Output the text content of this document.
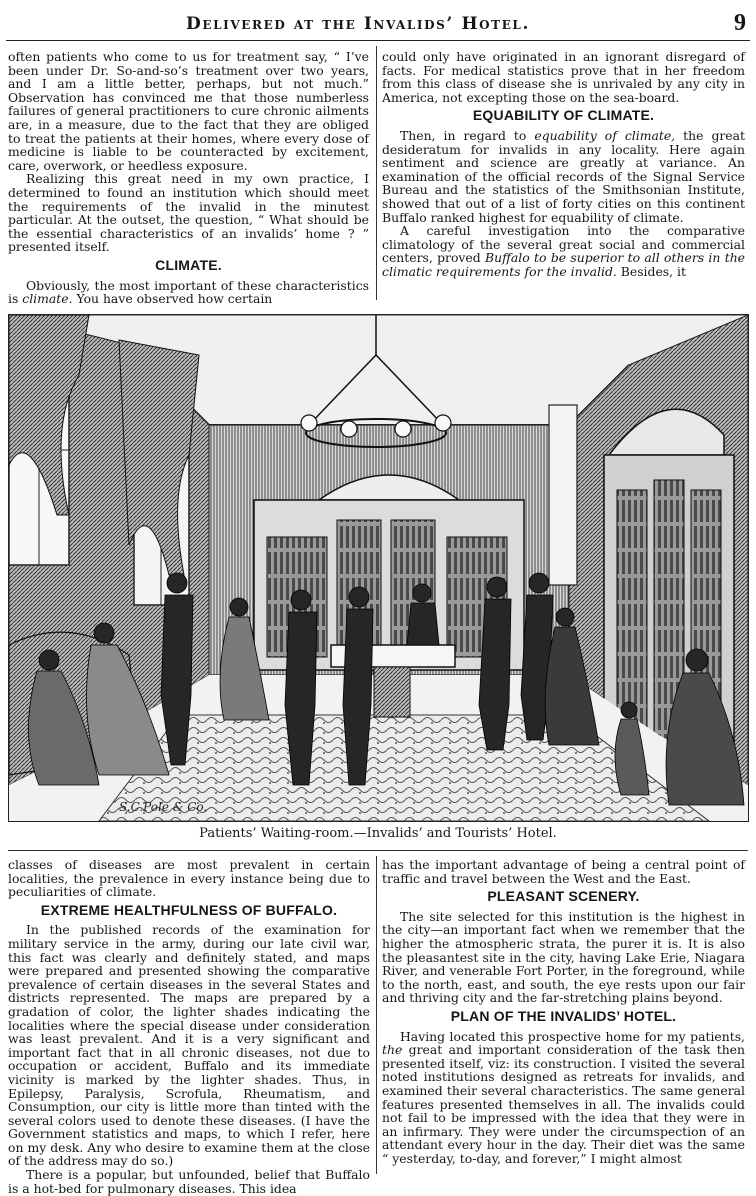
Delivered at the Invalids’ Hotel.	9

often patients who come to us for treatment say, “ I’ve been under Dr. So-and-so’s treatment over two years, and I am a little better, perhaps, but not much.” Observation has convinced me that those numberless failures of general practitioners to cure chronic ailments are, in a measure, due to the fact that they are obliged to treat the patients at their homes, where every dose of medicine is liable to be counteracted by excitement, care, overwork, or heedless exposure.

Realizing this great need in my own practice, I determined to found an institution which should meet the requirements of the invalid in the minutest particular. At the outset, the question, “ What should be the essential characteristics of an invalids’ home ? ” presented itself.

CLIMATE.

Obviously, the most important of these characteristics is climate. You have observed how certain

could only have originated in an ignorant disregard of facts. For medical statistics prove that in her freedom from this class of disease she is unrivaled by any city in America, not excepting those on the sea-board.

EQUABILITY OF CLIMATE.

Then, in regard to equability of climate, the great desideratum for invalids in any locality. Here again sentiment and science are greatly at variance. An examination of the official records of the Signal Service Bureau and the statistics of the Smithsonian Institute, showed that out of a list of forty cities on this continent Buffalo ranked highest for equability of climate.

A careful investigation into the comparative climatology of the several great social and commercial centers, proved Buffalo to be superior to all others in the climatic requirements for the invalid. Besides, it

S.C.Pole & Co.
Patients’ Waiting-room.—Invalids’ and Tourists’ Hotel.

classes of diseases are most prevalent in certain localities, the prevalence in every instance being due to peculiarities of climate.

EXTREME HEALTHFULNESS OF BUFFALO.

In the published records of the examination for military service in the army, during our late civil war, this fact was clearly and definitely stated, and maps were prepared and presented showing the comparative prevalence of certain diseases in the several States and districts represented. The maps are prepared by a gradation of color, the lighter shades indicating the localities where the special disease under consideration was least prevalent. And it is a very significant and important fact that in all chronic diseases, not due to occupation or accident, Buffalo and its immediate vicinity is marked by the lighter shades. Thus, in Epilepsy, Paralysis, Scrofula, Rheumatism, and Consumption, our city is little more than tinted with the several colors used to denote these diseases. (I have the Government statistics and maps, to which I refer, here on my desk. Any who desire to examine them at the close of the address may do so.)

There is a popular, but unfounded, belief that Buffalo is a hot-bed for pulmonary diseases. This idea

has the important advantage of being a central point of traffic and travel between the West and the East.

PLEASANT SCENERY.

The site selected for this institution is the highest in the city—an important fact when we remember that the higher the atmospheric strata, the purer it is. It is also the pleasantest site in the city, having Lake Erie, Niagara River, and venerable Fort Porter, in the foreground, while to the north, east, and south, the eye rests upon our fair and thriving city and the far-stretching plains beyond.

PLAN OF THE INVALIDS’ HOTEL.

Having located this prospective home for my patients, the great and important consideration of the task then presented itself, viz: its construction. I visited the several noted institutions designed as retreats for invalids, and examined their several characteristics. The same general features presented themselves in all. The invalids could not fail to be impressed with the idea that they were in an infirmary. They were under the circumspection of an attendant every hour in the day. Their diet was the same “ yesterday, to-day, and forever,” I might almost
